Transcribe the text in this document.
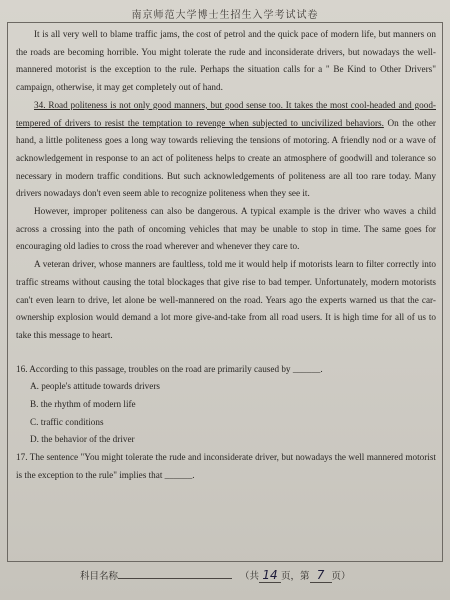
南京师范大学博士生招生入学考试试卷

It is all very well to blame traffic jams, the cost of petrol and the quick pace of modern life, but manners on the roads are becoming horrible. You might tolerate the rude and inconsiderate drivers, but nowadays the well-mannered motorist is the exception to the rule. Perhaps the situation calls for a " Be Kind to Other Drivers" campaign, otherwise, it may get completely out of hand.

34. Road politeness is not only good manners, but good sense too. It takes the most cool-headed and good-tempered of drivers to resist the temptation to revenge when subjected to uncivilized behaviors. On the other hand, a little politeness goes a long way towards relieving the tensions of motoring. A friendly nod or a wave of acknowledgement in response to an act of politeness helps to create an atmosphere of goodwill and tolerance so necessary in modern traffic conditions. But such acknowledgements of politeness are all too rare today. Many drivers nowadays don't even seem able to recognize politeness when they see it.

However, improper politeness can also be dangerous. A typical example is the driver who waves a child across a crossing into the path of oncoming vehicles that may be unable to stop in time. The same goes for encouraging old ladies to cross the road wherever and whenever they care to.

A veteran driver, whose manners are faultless, told me it would help if motorists learn to filter correctly into traffic streams without causing the total blockages that give rise to bad temper. Unfortunately, modern motorists can't even learn to drive, let alone be well-mannered on the road. Years ago the experts warned us that the car-ownership explosion would demand a lot more give-and-take from all road users. It is high time for all of us to take this message to heart.

16. According to this passage, troubles on the road are primarily caused by ______.

A. people's attitude towards drivers

B. the rhythm of modern life

C. traffic conditions

D. the behavior of the driver

17. The sentence "You might tolerate the rude and inconsiderate driver, but nowadays the well mannered motorist is the exception to the rule" implies that ______.

科目名称	（共 14 页，第 7 页）
